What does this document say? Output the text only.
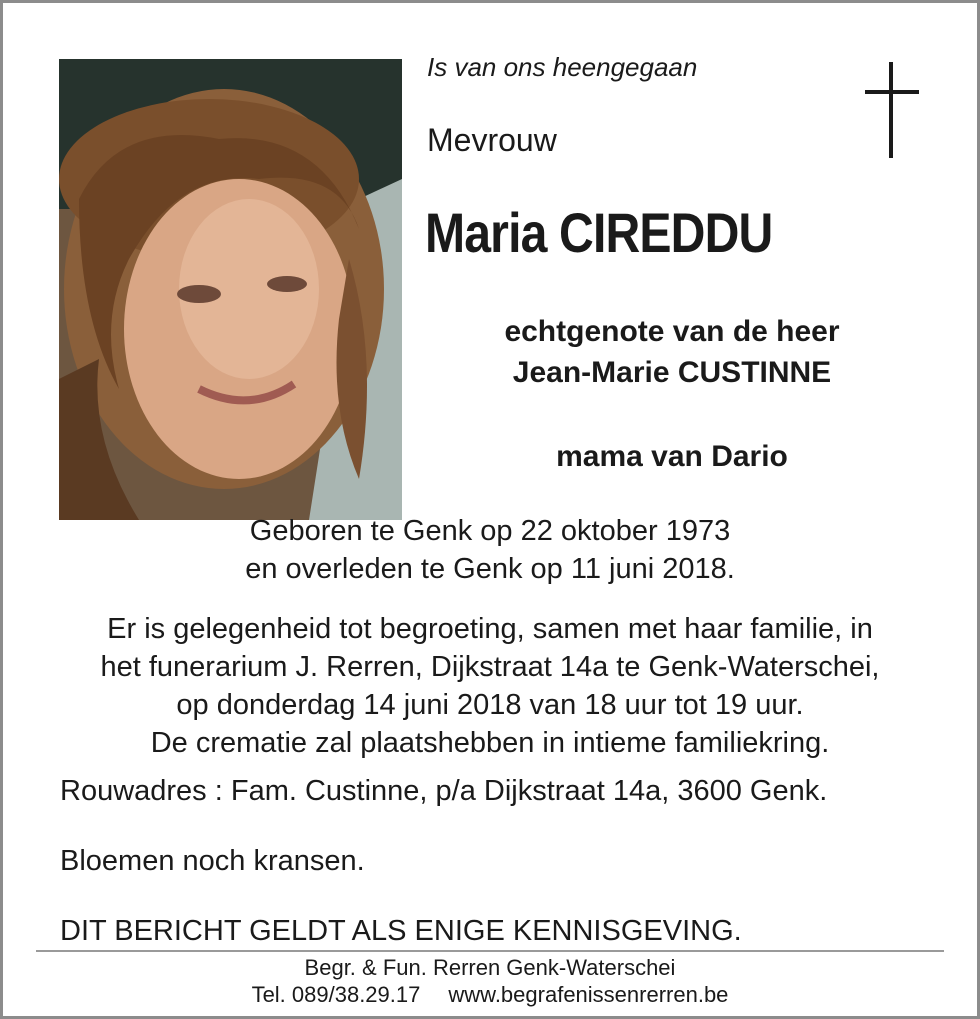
Is van ons heengegaan
Mevrouw
Maria CIREDDU
echtgenote van de heer
Jean-Marie CUSTINNE
mama van Dario
Geboren te Genk op 22 oktober 1973
en overleden te Genk op 11 juni 2018.
Er is gelegenheid tot begroeting, samen met haar familie, in
het funerarium J. Rerren, Dijkstraat 14a te Genk-Waterschei,
op donderdag 14 juni 2018 van 18 uur tot 19 uur.
De crematie zal plaatshebben in intieme familiekring.
Rouwadres : Fam. Custinne, p/a Dijkstraat 14a, 3600 Genk.
Bloemen noch kransen.
DIT BERICHT GELDT ALS ENIGE KENNISGEVING.
Begr. & Fun. Rerren Genk-Waterschei
Tel. 089/38.29.17 www.begrafenissenrerren.be
